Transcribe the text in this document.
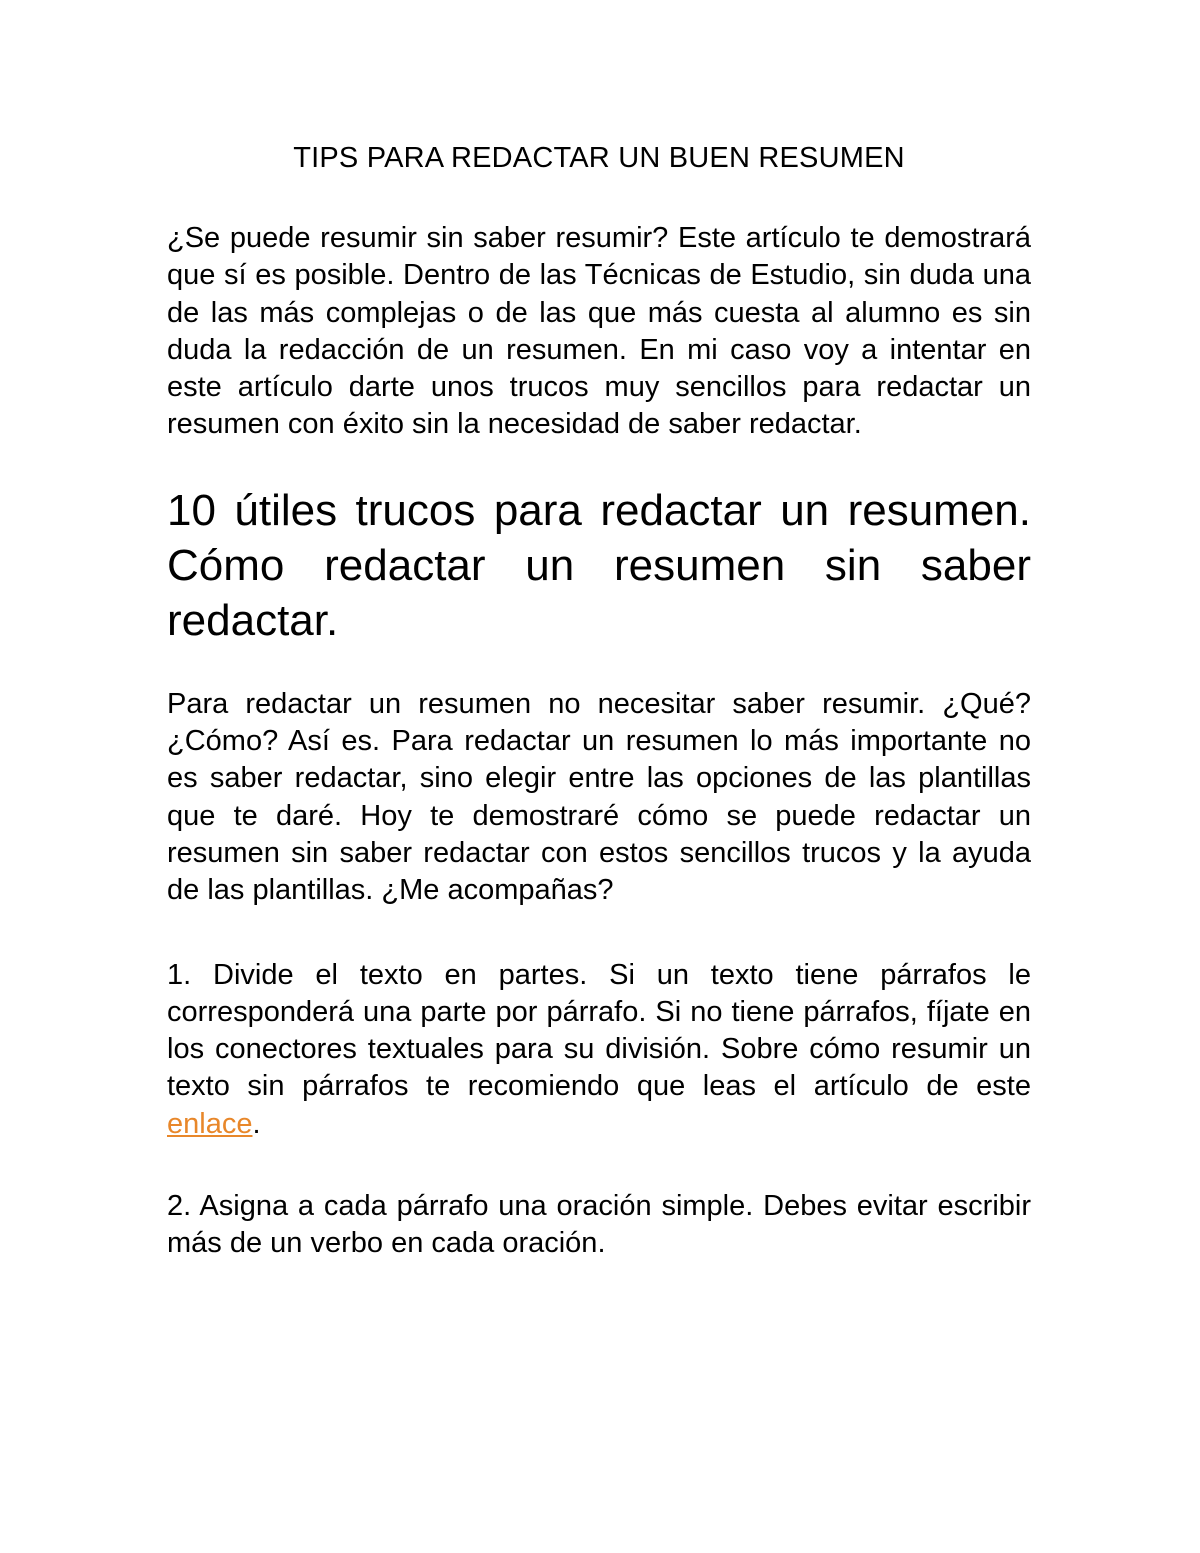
TIPS PARA REDACTAR UN BUEN RESUMEN

¿Se puede resumir sin saber resumir? Este artículo te demostrará que sí es posible. Dentro de las Técnicas de Estudio, sin duda una de las más complejas o de las que más cuesta al alumno es sin duda la redacción de un resumen. En mi caso voy a intentar en este artículo darte unos trucos muy sencillos para redactar un resumen con éxito sin la necesidad de saber redactar.

10 útiles trucos para redactar un resumen. Cómo redactar un resumen sin saber redactar.

Para redactar un resumen no necesitar saber resumir. ¿Qué? ¿Cómo? Así es. Para redactar un resumen lo más importante no es saber redactar, sino elegir entre las opciones de las plantillas que te daré. Hoy te demostraré cómo se puede redactar un resumen sin saber redactar con estos sencillos trucos y la ayuda de las plantillas. ¿Me acompañas?

1. Divide el texto en partes. Si un texto tiene párrafos le corresponderá una parte por párrafo. Si no tiene párrafos, fíjate en los conectores textuales para su división. Sobre cómo resumir un texto sin párrafos te recomiendo que leas el artículo de este enlace.

2. Asigna a cada párrafo una oración simple. Debes evitar escribir más de un verbo en cada oración.
